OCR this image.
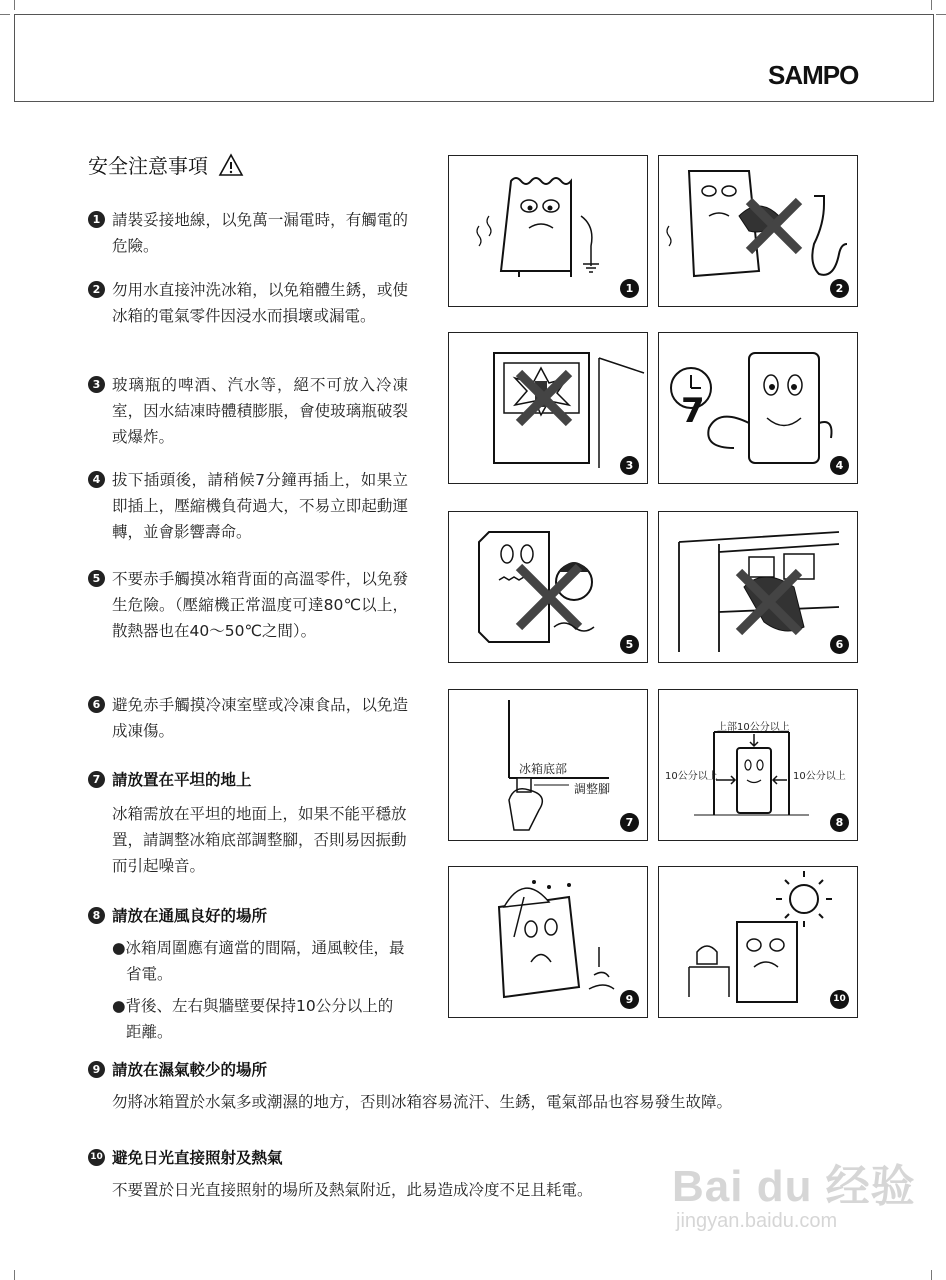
SAMPO
安全注意事項
1 請裝妥接地線，以免萬一漏電時，有觸電的危險。
2 勿用水直接沖洗冰箱，以免箱體生銹，或使冰箱的電氣零件因浸水而損壞或漏電。
3 玻璃瓶的啤酒、汽水等，絕不可放入冷凍室，因水結凍時體積膨脹，會使玻璃瓶破裂或爆炸。
4 拔下插頭後，請稍候7分鐘再插上，如果立即插上，壓縮機負荷過大，不易立即起動運轉，並會影響壽命。
5 不要赤手觸摸冰箱背面的高溫零件，以免發生危險。（壓縮機正常溫度可達80℃以上，散熱器也在40～50℃之間）。
6 避免赤手觸摸冷凍室壁或冷凍食品，以免造成凍傷。
7 請放置在平坦的地上
冰箱需放在平坦的地面上，如果不能平穩放置，請調整冰箱底部調整腳，否則易因振動而引起噪音。
8 請放在通風良好的場所
●冰箱周圍應有適當的間隔，通風較佳，最省電。
●背後、左右與牆壁要保持10公分以上的距離。
9 請放在濕氣較少的場所
勿將冰箱置於水氣多或潮濕的地方，否則冰箱容易流汗、生銹，電氣部品也容易發生故障。
10 避免日光直接照射及熱氣
不要置於日光直接照射的場所及熱氣附近，此易造成冷度不足且耗電。
1	2
3
7
4
5	6
冰箱底部
調整腳
7
上部10公分以上
10公分以上	10公分以上
8
9	10
Bai du 经验
jingyan.baidu.com
